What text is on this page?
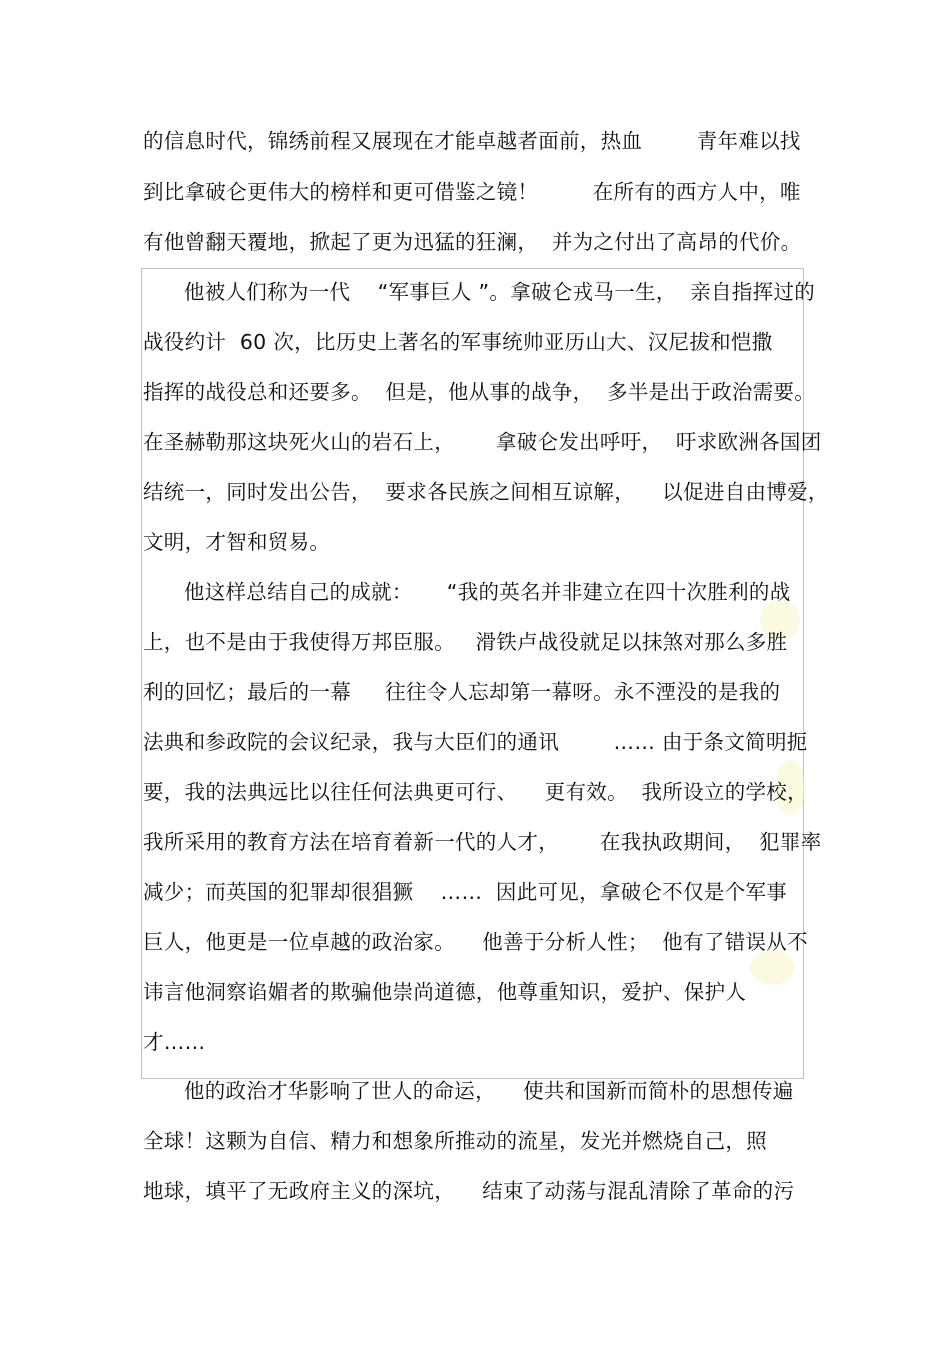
的信息时代，锦绣前程又展现在才能卓越者面前，热血        青年难以找
到比拿破仑更伟大的榜样和更可借鉴之镜！        在所有的西方人中，唯
有他曾翻天覆地，掀起了更为迅猛的狂澜，  并为之付出了高昂的代价。
他被人们称为一代    “军事巨人 ”。拿破仑戎马一生，  亲自指挥过的
战役约计  60 次，比历史上著名的军事统帅亚历山大、汉尼拔和恺撒
指挥的战役总和还要多。  但是，他从事的战争，  多半是出于政治需要。
在圣赫勒那这块死火山的岩石上，      拿破仑发出呼吁，  吁求欧洲各国团
结统一，同时发出公告，  要求各民族之间相互谅解，    以促进自由博爱，
文明，才智和贸易。
他这样总结自己的成就：     “我的英名并非建立在四十次胜利的战
上，也不是由于我使得万邦臣服。   滑铁卢战役就足以抹煞对那么多胜
利的回忆；最后的一幕     往往令人忘却第一幕呀。永不湮没的是我的
法典和参政院的会议纪录，我与大臣们的通讯        …… 由于条文简明扼
要，我的法典远比以往任何法典更可行、    更有效。  我所设立的学校，
我所采用的教育方法在培育着新一代的人才，      在我执政期间，  犯罪率
减少；而英国的犯罪却很猖獗    ……  因此可见，拿破仑不仅是个军事
巨人，他更是一位卓越的政治家。    他善于分析人性；  他有了错误从不
讳言他洞察谄媚者的欺骗他崇尚道德，他尊重知识，爱护、保护人
才……
他的政治才华影响了世人的命运，    使共和国新而简朴的思想传遍
全球！这颗为自信、精力和想象所推动的流星，发光并燃烧自己，照
地球，填平了无政府主义的深坑，    结束了动荡与混乱清除了革命的污
